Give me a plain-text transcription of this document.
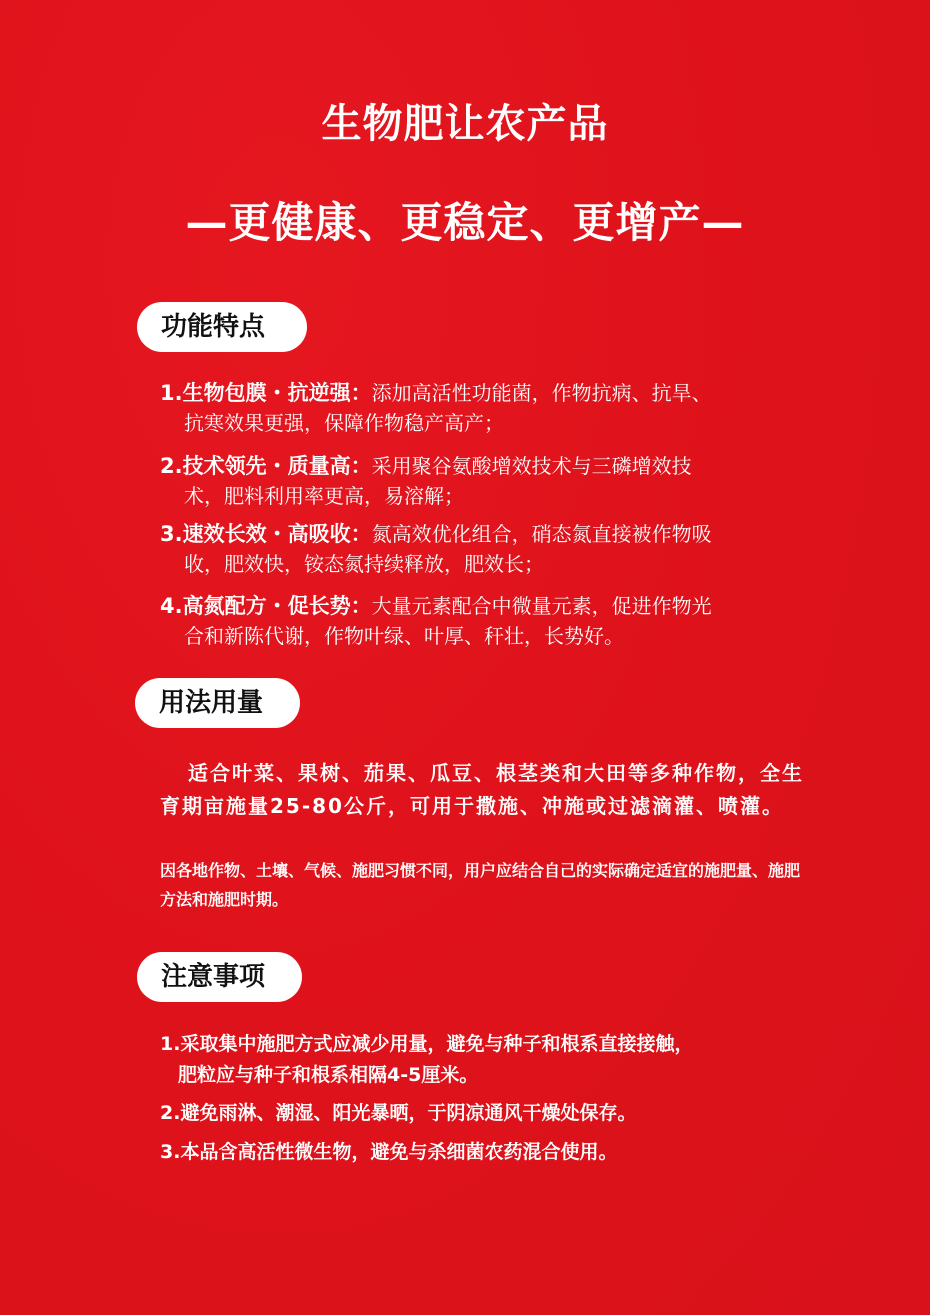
生物肥让农产品
—更健康、更稳定、更增产—
功能特点
1.生物包膜・抗逆强：添加高活性功能菌，作物抗病、抗旱、
抗寒效果更强，保障作物稳产高产；
2.技术领先・质量高：采用聚谷氨酸增效技术与三磷增效技
术，肥料利用率更高，易溶解；
3.速效长效・高吸收：氮高效优化组合，硝态氮直接被作物吸
收，肥效快，铵态氮持续释放，肥效长；
4.高氮配方・促长势：大量元素配合中微量元素，促进作物光
合和新陈代谢，作物叶绿、叶厚、秆壮，长势好。
用法用量
适合叶菜、果树、茄果、瓜豆、根茎类和大田等多种作物，全生育期亩施量25-80公斤，可用于撒施、冲施或过滤滴灌、喷灌。
因各地作物、土壤、气候、施肥习惯不同，用户应结合自己的实际确定适宜的施肥量、施肥方法和施肥时期。
注意事项
1.采取集中施肥方式应减少用量，避免与种子和根系直接接触，
肥粒应与种子和根系相隔4-5厘米。
2.避免雨淋、潮湿、阳光暴晒，于阴凉通风干燥处保存。
3.本品含高活性微生物，避免与杀细菌农药混合使用。
